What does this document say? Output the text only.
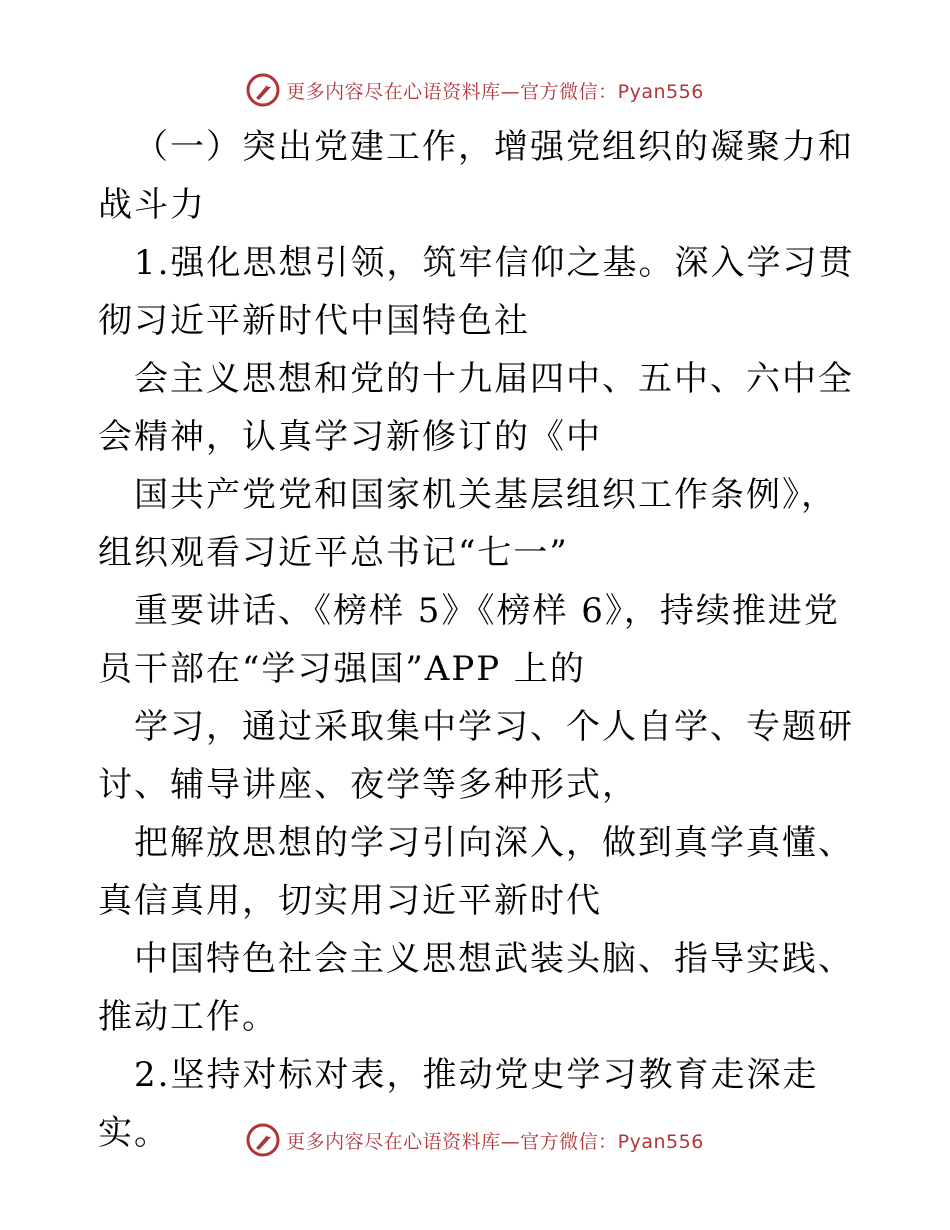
更多内容尽在心语资料库—官方微信：Pyan556

（一）突出党建工作，增强党组织的凝聚力和战斗力

1.强化思想引领，筑牢信仰之基。深入学习贯彻习近平新时代中国特色社

会主义思想和党的十九届四中、五中、六中全会精神，认真学习新修订的《中

国共产党党和国家机关基层组织工作条例》，组织观看习近平总书记“七一”

重要讲话、《榜样 5》《榜样 6》，持续推进党员干部在“学习强国”APP 上的

学习，通过采取集中学习、个人自学、专题研讨、辅导讲座、夜学等多种形式，

把解放思想的学习引向深入，做到真学真懂、真信真用，切实用习近平新时代

中国特色社会主义思想武装头脑、指导实践、推动工作。

2.坚持对标对表，推动党史学习教育走深走实。	更多内容尽在心语资料库—官方微信：Pyan556
